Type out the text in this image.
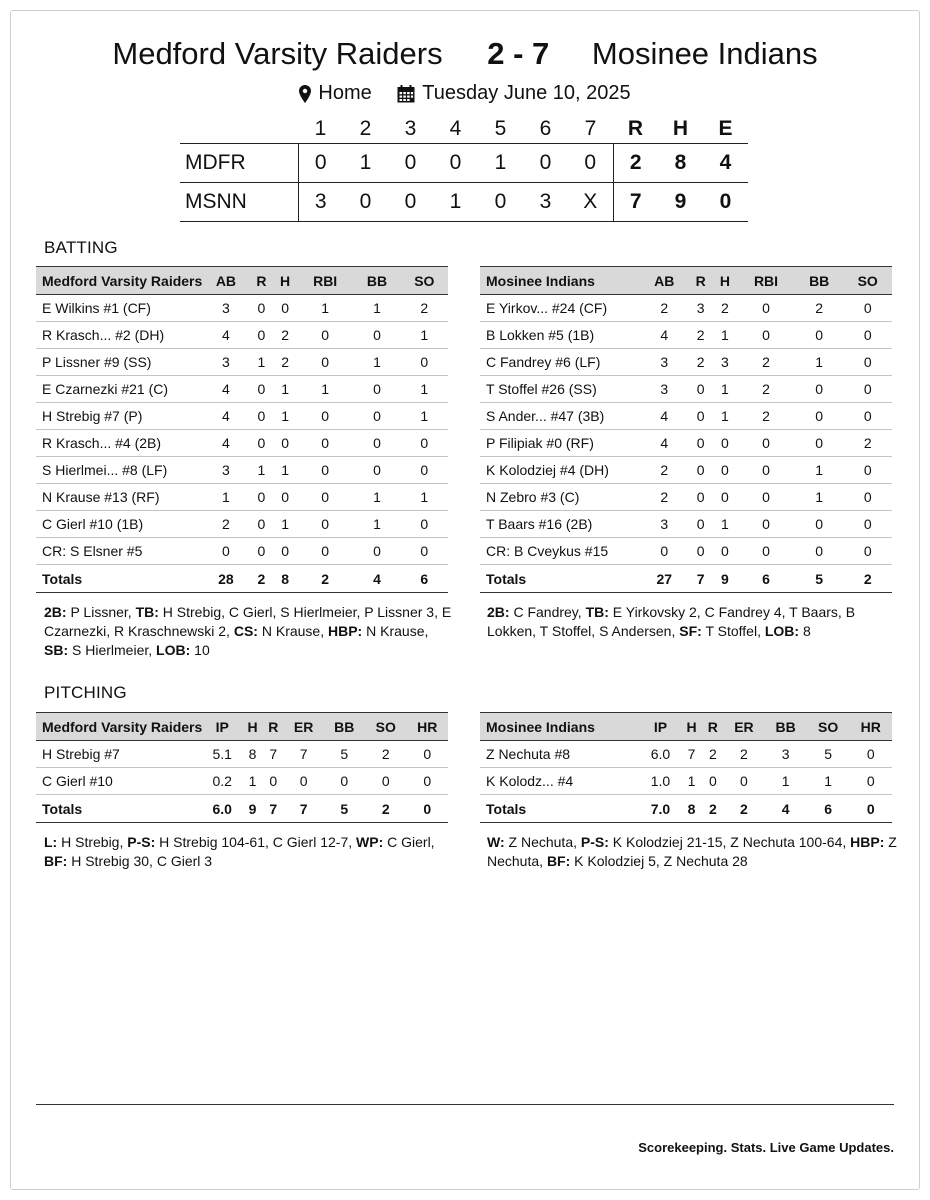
Medford Varsity Raiders 2 - 7 Mosinee Indians
Home
	Tuesday June 10, 2025
	1	2	3	4	5	6	7	R	H	E
MDFR	0	1	0	0	1	0	0	2	8	4
MSNN	3	0	0	1	0	3	X	7	9	0
BATTING
Medford Varsity Raiders	AB	R	H	RBI	BB	SO
E Wilkins #1 (CF)	3	0	0	1	1	2
R Krasch... #2 (DH)	4	0	2	0	0	1
P Lissner #9 (SS)	3	1	2	0	1	0
E Czarnezki #21 (C)	4	0	1	1	0	1
H Strebig #7 (P)	4	0	1	0	0	1
R Krasch... #4 (2B)	4	0	0	0	0	0
S Hierlmei... #8 (LF)	3	1	1	0	0	0
N Krause #13 (RF)	1	0	0	0	1	1
C Gierl #10 (1B)	2	0	1	0	1	0
CR: S Elsner #5	0	0	0	0	0	0
Totals	28	2	8	2	4	6
Mosinee Indians	AB	R	H	RBI	BB	SO
E Yirkov... #24 (CF)	2	3	2	0	2	0
B Lokken #5 (1B)	4	2	1	0	0	0
C Fandrey #6 (LF)	3	2	3	2	1	0
T Stoffel #26 (SS)	3	0	1	2	0	0
S Ander... #47 (3B)	4	0	1	2	0	0
P Filipiak #0 (RF)	4	0	0	0	0	2
K Kolodziej #4 (DH)	2	0	0	0	1	0
N Zebro #3 (C)	2	0	0	0	1	0
T Baars #16 (2B)	3	0	1	0	0	0
CR: B Cveykus #15	0	0	0	0	0	0
Totals	27	7	9	6	5	2
2B: P Lissner, TB: H Strebig, C Gierl, S Hierlmeier, P Lissner 3, E Czarnezki, R Kraschnewski 2, CS: N Krause, HBP: N Krause, SB: S Hierlmeier, LOB: 10
2B: C Fandrey, TB: E Yirkovsky 2, C Fandrey 4, T Baars, B Lokken, T Stoffel, S Andersen, SF: T Stoffel, LOB: 8
PITCHING
Medford Varsity Raiders	IP	H	R	ER	BB	SO	HR
H Strebig #7	5.1	8	7	7	5	2	0
C Gierl #10	0.2	1	0	0	0	0	0
Totals	6.0	9	7	7	5	2	0
Mosinee Indians	IP	H	R	ER	BB	SO	HR
Z Nechuta #8	6.0	7	2	2	3	5	0
K Kolodz... #4	1.0	1	0	0	1	1	0
Totals	7.0	8	2	2	4	6	0
L: H Strebig, P-S: H Strebig 104-61, C Gierl 12-7, WP: C Gierl, BF: H Strebig 30, C Gierl 3
W: Z Nechuta, P-S: K Kolodziej 21-15, Z Nechuta 100-64, HBP: Z Nechuta, BF: K Kolodziej 5, Z Nechuta 28
Scorekeeping. Stats. Live Game Updates.
